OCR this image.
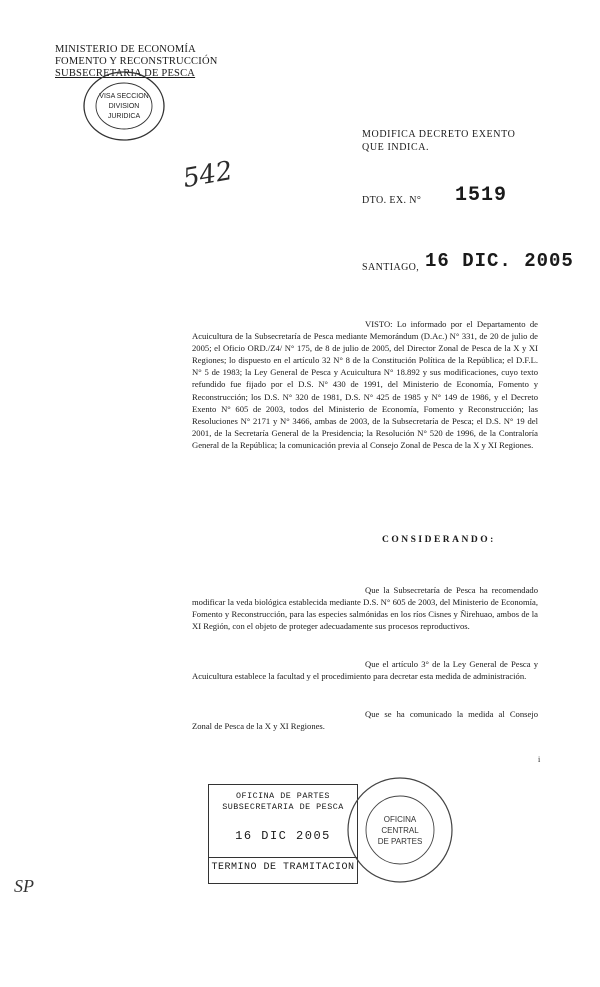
MINISTERIO DE ECONOMÍA
FOMENTO Y RECONSTRUCCIÓN
SUBSECRETARIA DE PESCA
VISA SECCION
DIVISION
JURIDICA
MODIFICA DECRETO EXENTO
QUE INDICA.
542
DTO. EX. N° 1519
SANTIAGO, 16 DIC. 2005
VISTO: Lo informado por el Departamento de Acuicultura de la Subsecretaría de Pesca mediante Memorándum (D.Ac.) N° 331, de 20 de julio de 2005; el Oficio ORD./Z4/ N° 175, de 8 de julio de 2005, del Director Zonal de Pesca de la X y XI Regiones; lo dispuesto en el artículo 32 N° 8 de la Constitución Política de la República; el D.F.L. N° 5 de 1983; la Ley General de Pesca y Acuicultura N° 18.892 y sus modificaciones, cuyo texto refundido fue fijado por el D.S. N° 430 de 1991, del Ministerio de Economía, Fomento y Reconstrucción; los D.S. N° 320 de 1981, D.S. N° 425 de 1985 y N° 149 de 1986, y el Decreto Exento N° 605 de 2003, todos del Ministerio de Economía, Fomento y Reconstrucción; las Resoluciones N° 2171 y N° 3466, ambas de 2003, de la Subsecretaría de Pesca; el D.S. N° 19 del 2001, de la Secretaría General de la Presidencia; la Resolución N° 520 de 1996, de la Contraloría General de la República; la comunicación previa al Consejo Zonal de Pesca de la X y XI Regiones.
CONSIDERANDO:
Que la Subsecretaría de Pesca ha recomendado modificar la veda biológica establecida mediante D.S. N° 605 de 2003, del Ministerio de Economía, Fomento y Reconstrucción, para las especies salmónidas en los ríos Cisnes y Ñirehuao, ambos de la XI Región, con el objeto de proteger adecuadamente sus procesos reproductivos.
Que el artículo 3° de la Ley General de Pesca y Acuicultura establece la facultad y el procedimiento para decretar esta medida de administración.
Que se ha comunicado la medida al Consejo Zonal de Pesca de la X y XI Regiones.
i
OFICINA DE PARTES
SUBSECRETARIA DE PESCA
16 DIC 2005
TERMINO DE TRAMITACION
OFICINA
CENTRAL
DE PARTES
SP
